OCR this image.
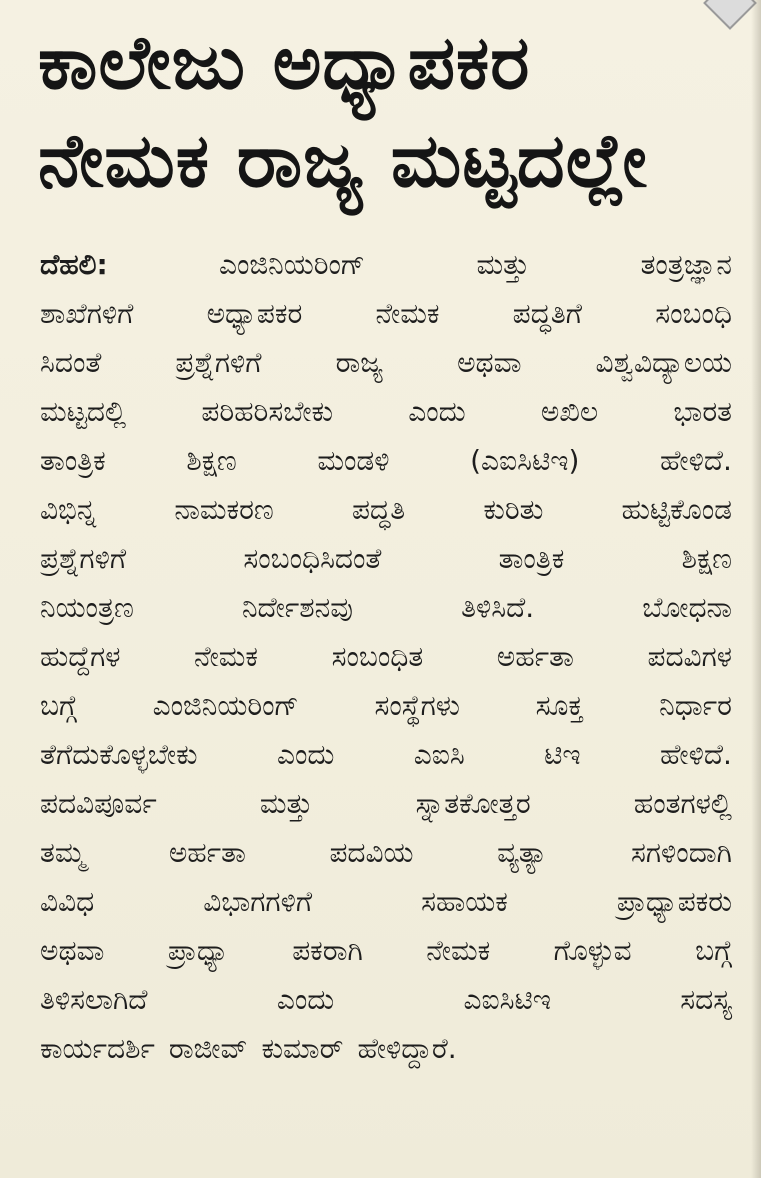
ಕಾಲೇಜು ಅಧ್ಯಾಪಕರ
ನೇಮಕ ರಾಜ್ಯ ಮಟ್ಟದಲ್ಲೇ
ದೆಹಲಿ:	ಎಂಜಿನಿಯರಿಂಗ್	ಮತ್ತು	ತಂತ್ರಜ್ಞಾನ
ಶಾಖೆಗಳಿಗೆ	ಅಧ್ಯಾಪಕರ	ನೇಮಕ	ಪದ್ಧತಿಗೆ	ಸಂಬಂಧಿ
ಸಿದಂತೆ	ಪ್ರಶ್ನೆಗಳಿಗೆ	ರಾಜ್ಯ	ಅಥವಾ	ವಿಶ್ವವಿದ್ಯಾಲಯ
ಮಟ್ಟದಲ್ಲಿ	ಪರಿಹರಿಸಬೇಕು	ಎಂದು	ಅಖಿಲ	ಭಾರತ
ತಾಂತ್ರಿಕ	ಶಿಕ್ಷಣ	ಮಂಡಳಿ	(ಎಐಸಿಟಿಇ)	ಹೇಳಿದೆ.
ವಿಭಿನ್ನ	ನಾಮಕರಣ	ಪದ್ಧತಿ	ಕುರಿತು	ಹುಟ್ಟಿಕೊಂಡ
ಪ್ರಶ್ನೆಗಳಿಗೆ	ಸಂಬಂಧಿಸಿದಂತೆ	ತಾಂತ್ರಿಕ	ಶಿಕ್ಷಣ
ನಿಯಂತ್ರಣ	ನಿರ್ದೇಶನವು	ತಿಳಿಸಿದೆ.	ಬೋಧನಾ
ಹುದ್ದೆಗಳ	ನೇಮಕ	ಸಂಬಂಧಿತ	ಅರ್ಹತಾ	ಪದವಿಗಳ
ಬಗ್ಗೆ	ಎಂಜಿನಿಯರಿಂಗ್	ಸಂಸ್ಥೆಗಳು	ಸೂಕ್ತ	ನಿರ್ಧಾರ
ತೆಗೆದುಕೊಳ್ಳಬೇಕು	ಎಂದು	ಎಐಸಿ	ಟಿಇ	ಹೇಳಿದೆ.
ಪದವಿಪೂರ್ವ	ಮತ್ತು	ಸ್ನಾತಕೋತ್ತರ	ಹಂತಗಳಲ್ಲಿ
ತಮ್ಮ	ಅರ್ಹತಾ	ಪದವಿಯ	ವ್ಯತ್ಯಾ	ಸಗಳಿಂದಾಗಿ
ವಿವಿಧ	ವಿಭಾಗಗಳಿಗೆ	ಸಹಾಯಕ	ಪ್ರಾಧ್ಯಾಪಕರು
ಅಥವಾ ಪ್ರಾಧ್ಯಾ ಪಕರಾಗಿ ನೇಮಕ ಗೊಳ್ಳುವ ಬಗ್ಗೆ
ತಿಳಿಸಲಾಗಿದೆ	ಎಂದು	ಎಐಸಿಟಿಇ	ಸದಸ್ಯ
ಕಾರ್ಯದರ್ಶಿ ರಾಜೀವ್ ಕುಮಾರ್ ಹೇಳಿದ್ದಾರೆ.
